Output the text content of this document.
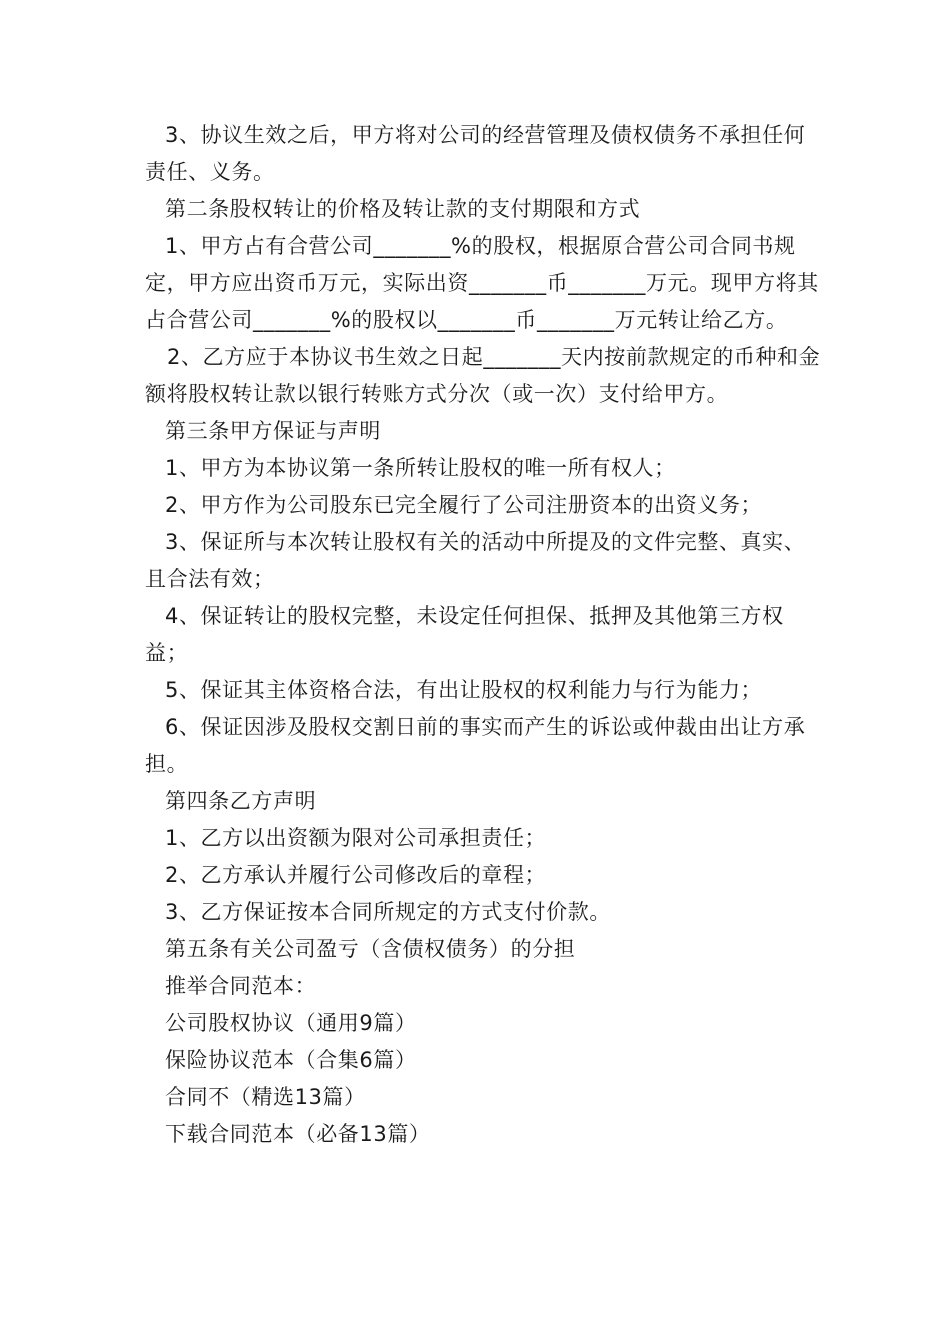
3、协议生效之后，甲方将对公司的经营管理及债权债务不承担任何责任、义务。

第二条股权转让的价格及转让款的支付期限和方式

1、甲方占有合营公司_______%的股权，根据原合营公司合同书规定，甲方应出资币万元，实际出资_______币_______万元。现甲方将其占合营公司_______%的股权以_______币_______万元转让给乙方。

2、乙方应于本协议书生效之日起_______天内按前款规定的币种和金额将股权转让款以银行转账方式分次（或一次）支付给甲方。

第三条甲方保证与声明

1、甲方为本协议第一条所转让股权的唯一所有权人；

2、甲方作为公司股东已完全履行了公司注册资本的出资义务；

3、保证所与本次转让股权有关的活动中所提及的文件完整、真实、且合法有效；

4、保证转让的股权完整，未设定任何担保、抵押及其他第三方权益；

5、保证其主体资格合法，有出让股权的权利能力与行为能力；

6、保证因涉及股权交割日前的事实而产生的诉讼或仲裁由出让方承担。

第四条乙方声明

1、乙方以出资额为限对公司承担责任；

2、乙方承认并履行公司修改后的章程；

3、乙方保证按本合同所规定的方式支付价款。

第五条有关公司盈亏（含债权债务）的分担

推举合同范本：

公司股权协议（通用9篇）

保险协议范本（合集6篇）

合同不（精选13篇）

下载合同范本（必备13篇）
